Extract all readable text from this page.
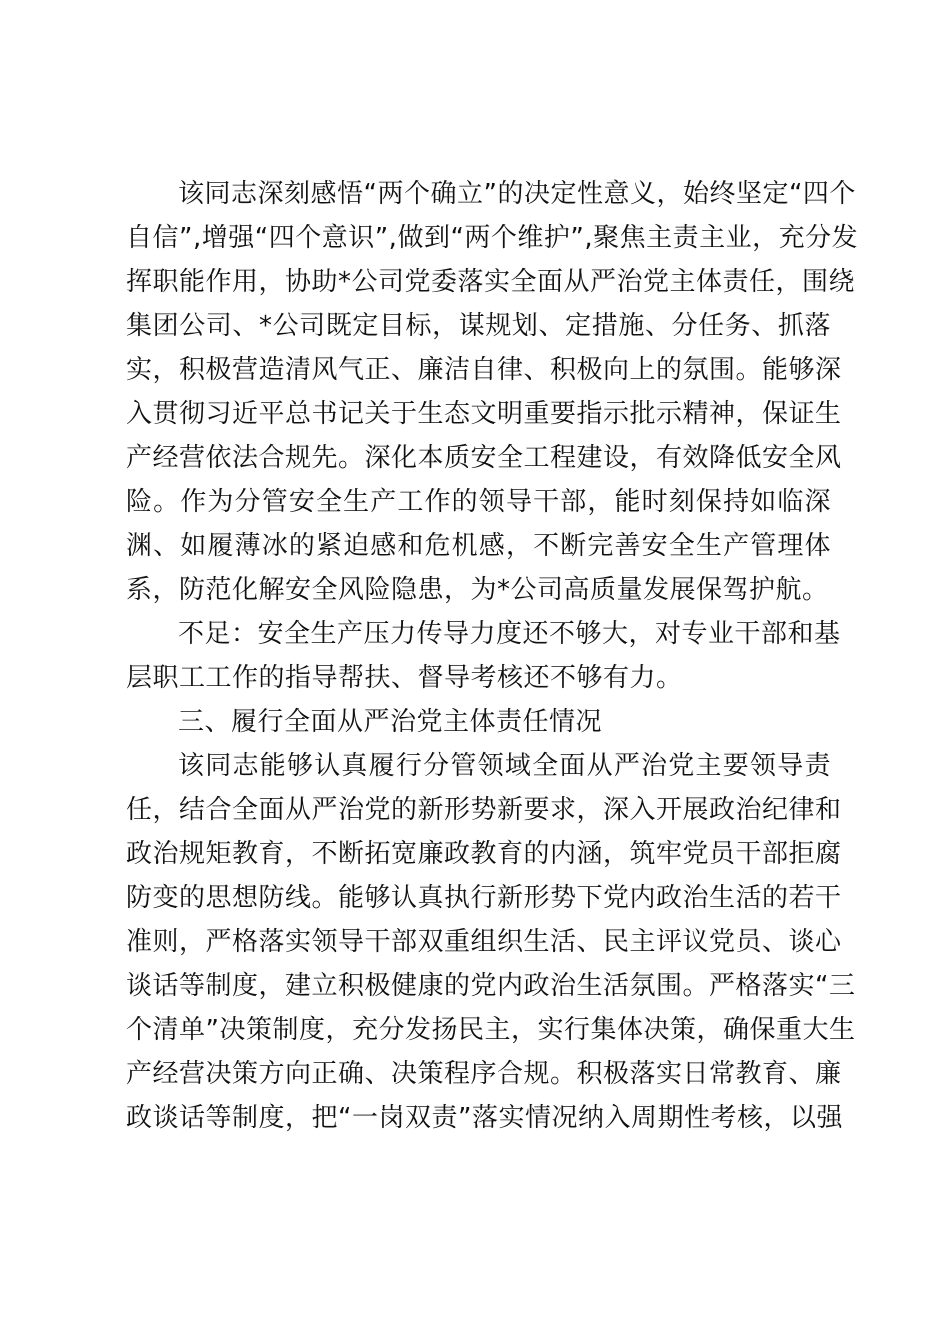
该同志深刻感悟“两个确立”的决定性意义，始终坚定“四个
自信”,增强“四个意识”,做到“两个维护”,聚焦主责主业，充分发
挥职能作用，协助*公司党委落实全面从严治党主体责任，围绕
集团公司、*公司既定目标，谋规划、定措施、分任务、抓落
实，积极营造清风气正、廉洁自律、积极向上的氛围。能够深
入贯彻习近平总书记关于生态文明重要指示批示精神，保证生
产经营依法合规先。深化本质安全工程建设，有效降低安全风
险。作为分管安全生产工作的领导干部，能时刻保持如临深
渊、如履薄冰的紧迫感和危机感，不断完善安全生产管理体
系，防范化解安全风险隐患，为*公司高质量发展保驾护航。
不足：安全生产压力传导力度还不够大，对专业干部和基
层职工工作的指导帮扶、督导考核还不够有力。
三、履行全面从严治党主体责任情况
该同志能够认真履行分管领域全面从严治党主要领导责
任，结合全面从严治党的新形势新要求，深入开展政治纪律和
政治规矩教育，不断拓宽廉政教育的内涵，筑牢党员干部拒腐
防变的思想防线。能够认真执行新形势下党内政治生活的若干
准则，严格落实领导干部双重组织生活、民主评议党员、谈心
谈话等制度，建立积极健康的党内政治生活氛围。严格落实“三
个清单”决策制度，充分发扬民主，实行集体决策，确保重大生
产经营决策方向正确、决策程序合规。积极落实日常教育、廉
政谈话等制度，把“一岗双责”落实情况纳入周期性考核，以强
